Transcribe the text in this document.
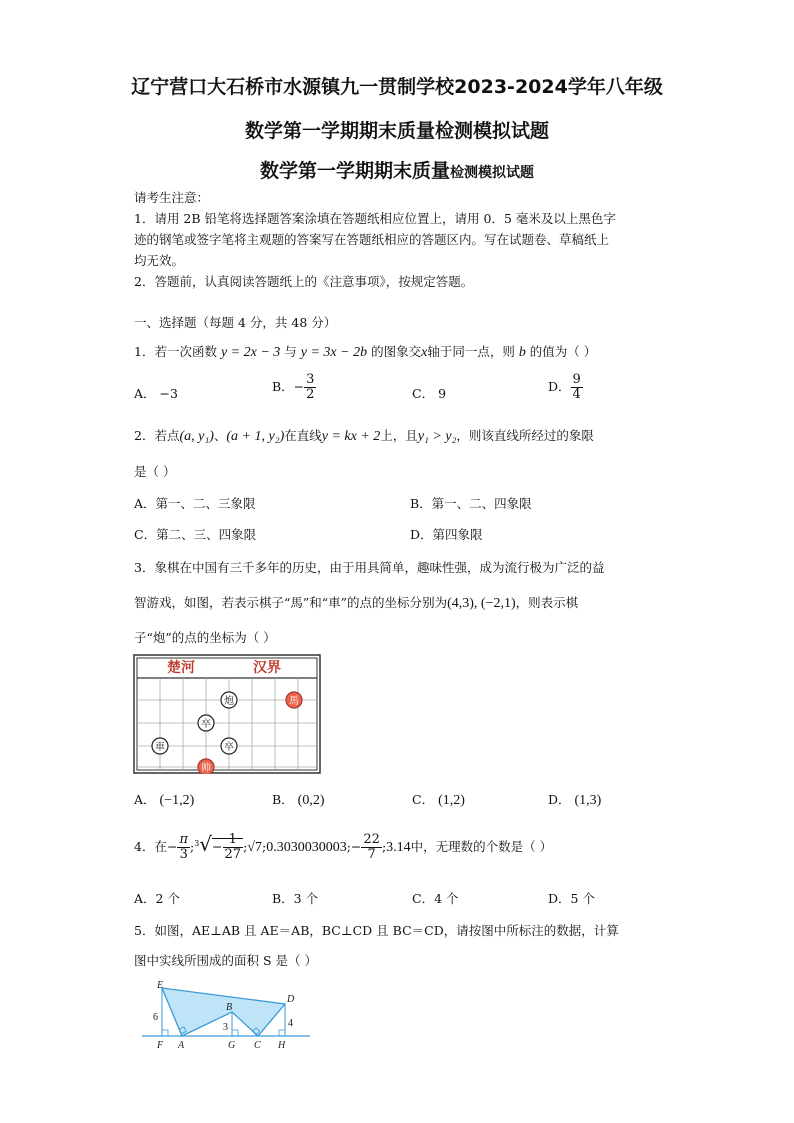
辽宁营口大石桥市水源镇九一贯制学校2023-2024学年八年级
数学第一学期期末质量检测模拟试题
数学第一学期期末质量检测模拟试题
请考生注意：
1．请用 2B 铅笔将选择题答案涂填在答题纸相应位置上，请用 0．5 毫米及以上黑色字
迹的钢笔或签字笔将主观题的答案写在答题纸相应的答题区内。写在试题卷、草稿纸上
均无效。
2．答题前，认真阅读答题纸上的《注意事项》，按规定答题。
一、选择题（每题 4 分，共 48 分）
1．若一次函数 y = 2x − 3 与 y = 3x − 2b 的图象交x轴于同一点，则 b 的值为（ ）
A． −3	B．− $\frac{3}{2}$	C． 9	D． $\frac{9}{4}$
2．若点(a, y₁)、(a + 1, y₂)在直线y = kx + 2上，且y₁ > y₂，则该直线所经过的象限
是（ ）
A．第一、二、三象限	B．第一、二、四象限
C．第二、三、四象限	D．第四象限
3．象棋在中国有三千多年的历史，由于用具简单，趣味性强，成为流行极为广泛的益
智游戏，如图，若表示棋子“馬”和“車”的点的坐标分别为(4,3), (−2,1)，则表示棋
子“炮”的点的坐标为（ ）
楚河	汉界
炮	馬
卒
車	卒
帅
A． (−1,2)	B． (0,2)	C． (1,2)	D． (1,3)
4．在− $\frac{\pi}{3}$ ;$^3$√− $\frac{1}{27}$ ;√7;0.3030030003;− $\frac{22}{7}$ ;3.14中，无理数的个数是（ ）
A．2 个	B．3 个	C．4 个	D．5 个
5．如图，AE⊥AB 且 AE＝AB，BC⊥CD 且 BC＝CD，请按图中所标注的数据，计算
图中实线所围成的面积 S 是（ ）
E
D
B
F A	G C H
6
3	4
